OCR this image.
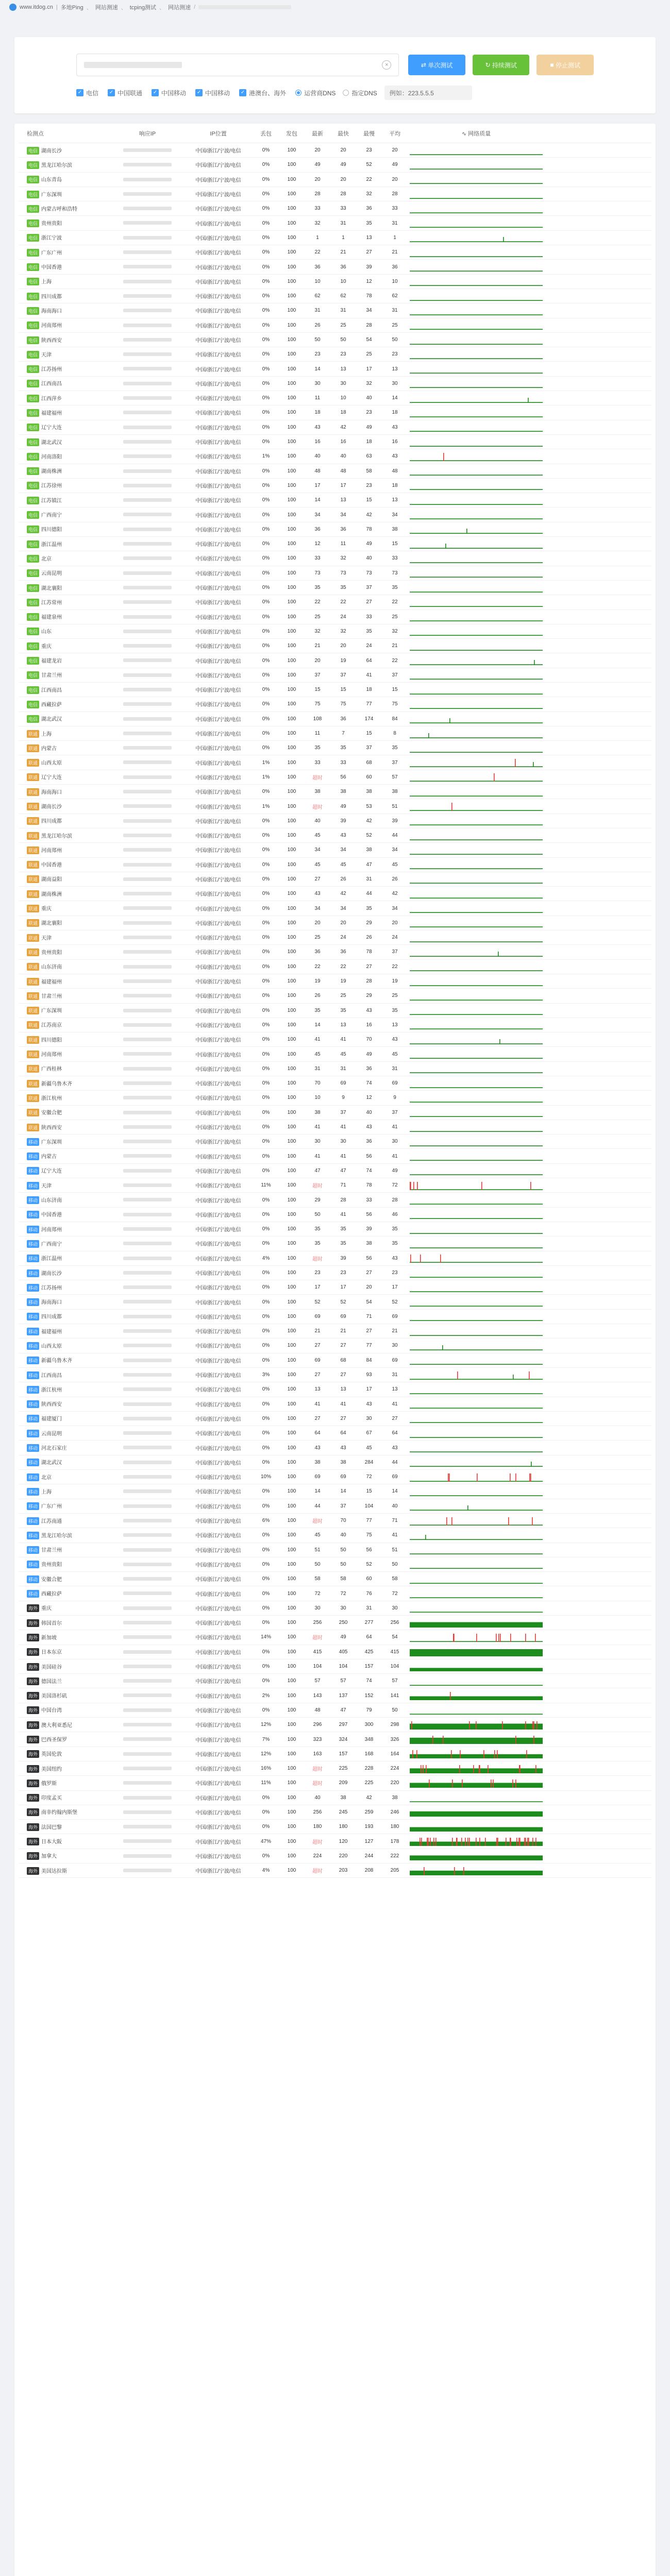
www.itdog.cn | 多地Ping 、 网站测速 、 tcping测试 、 网站测速 /
×	⇄ 单次测试	↻ 持续测试	■ 停止测试
✓ 电信 ✓ 中国联通 ✓ 中国移动 ✓ 中国移动 ✓ 港澳台、海外	运营商DNS	指定DNS 例如：223.5.5.5
检测点	响应IP	IP位置	丢包	发包	最新	最快	最慢	平均	∿ 网络质量
电信 湖南长沙	中国/浙江/宁波/电信	0%	100	20	20	23	20
电信 黑龙江哈尔滨	中国/浙江/宁波/电信	0%	100	49	49	52	49
电信 山东青岛	中国/浙江/宁波/电信	0%	100	20	20	22	20
电信 广东深圳	中国/浙江/宁波/电信	0%	100	28	28	32	28
电信 内蒙古呼和浩特	中国/浙江/宁波/电信	0%	100	33	33	36	33
电信 贵州贵阳	中国/浙江/宁波/电信	0%	100	32	31	35	31
电信 浙江宁波	中国/浙江/宁波/电信	0%	100	1	1	13	1
电信 广东广州	中国/浙江/宁波/电信	0%	100	22	21	27	21
电信 中国香港	中国/浙江/宁波/电信	0%	100	36	36	39	36
电信 上海	中国/浙江/宁波/电信	0%	100	10	10	12	10
电信 四川成都	中国/浙江/宁波/电信	0%	100	62	62	78	62
电信 海南海口	中国/浙江/宁波/电信	0%	100	31	31	34	31
电信 河南郑州	中国/浙江/宁波/电信	0%	100	26	25	28	25
电信 陕西西安	中国/浙江/宁波/电信	0%	100	50	50	54	50
电信 天津	中国/浙江/宁波/电信	0%	100	23	23	25	23
电信 江苏扬州	中国/浙江/宁波/电信	0%	100	14	13	17	13
电信 江西南昌	中国/浙江/宁波/电信	0%	100	30	30	32	30
电信 江西萍乡	中国/浙江/宁波/电信	0%	100	11	10	40	14
电信 福建福州	中国/浙江/宁波/电信	0%	100	18	18	23	18
电信 辽宁大连	中国/浙江/宁波/电信	0%	100	43	42	49	43
电信 湖北武汉	中国/浙江/宁波/电信	0%	100	16	16	18	16
电信 河南洛阳	中国/浙江/宁波/电信	1%	100	40	40	63	43
电信 湖南株洲	中国/浙江/宁波/电信	0%	100	48	48	58	48
电信 江苏徐州	中国/浙江/宁波/电信	0%	100	17	17	23	18
电信 江苏镇江	中国/浙江/宁波/电信	0%	100	14	13	15	13
电信 广西南宁	中国/浙江/宁波/电信	0%	100	34	34	42	34
电信 四川德阳	中国/浙江/宁波/电信	0%	100	36	36	78	38
电信 浙江温州	中国/浙江/宁波/电信	0%	100	12	11	49	15
电信 北京	中国/浙江/宁波/电信	0%	100	33	32	40	33
电信 云南昆明	中国/浙江/宁波/电信	0%	100	73	73	73	73
电信 湖北襄阳	中国/浙江/宁波/电信	0%	100	35	35	37	35
电信 江苏常州	中国/浙江/宁波/电信	0%	100	22	22	27	22
电信 福建泉州	中国/浙江/宁波/电信	0%	100	25	24	33	25
电信 山东	中国/浙江/宁波/电信	0%	100	32	32	35	32
电信 重庆	中国/浙江/宁波/电信	0%	100	21	20	24	21
电信 福建龙岩	中国/浙江/宁波/电信	0%	100	20	19	64	22
电信 甘肃兰州	中国/浙江/宁波/电信	0%	100	37	37	41	37
电信 江西南昌	中国/浙江/宁波/电信	0%	100	15	15	18	15
电信 西藏拉萨	中国/浙江/宁波/电信	0%	100	75	75	77	75
电信 湖北武汉	中国/浙江/宁波/电信	0%	100	108	36	174	84
联通 上海	中国/浙江/宁波/电信	0%	100	11	7	15	8
联通 内蒙古	中国/浙江/宁波/电信	0%	100	35	35	37	35
联通 山西太原	中国/浙江/宁波/电信	1%	100	33	33	68	37
联通 辽宁大连	中国/浙江/宁波/电信	1%	100	超时	56	60	57
联通 海南海口	中国/浙江/宁波/电信	0%	100	38	38	38	38
联通 湖南长沙	中国/浙江/宁波/电信	1%	100	超时	49	53	51
联通 四川成都	中国/浙江/宁波/电信	0%	100	40	39	42	39
联通 黑龙江哈尔滨	中国/浙江/宁波/电信	0%	100	45	43	52	44
联通 河南郑州	中国/浙江/宁波/电信	0%	100	34	34	38	34
联通 中国香港	中国/浙江/宁波/电信	0%	100	45	45	47	45
联通 湖南益阳	中国/浙江/宁波/电信	0%	100	27	26	31	26
联通 湖南株洲	中国/浙江/宁波/电信	0%	100	43	42	44	42
联通 重庆	中国/浙江/宁波/电信	0%	100	34	34	35	34
联通 湖北襄阳	中国/浙江/宁波/电信	0%	100	20	20	29	20
联通 天津	中国/浙江/宁波/电信	0%	100	25	24	26	24
联通 贵州贵阳	中国/浙江/宁波/电信	0%	100	36	36	78	37
联通 山东济南	中国/浙江/宁波/电信	0%	100	22	22	27	22
联通 福建福州	中国/浙江/宁波/电信	0%	100	19	19	28	19
联通 甘肃兰州	中国/浙江/宁波/电信	0%	100	26	25	29	25
联通 广东深圳	中国/浙江/宁波/电信	0%	100	35	35	43	35
联通 江苏南京	中国/浙江/宁波/电信	0%	100	14	13	16	13
联通 四川德阳	中国/浙江/宁波/电信	0%	100	41	41	70	43
联通 河南郑州	中国/浙江/宁波/电信	0%	100	45	45	49	45
联通 广西桂林	中国/浙江/宁波/电信	0%	100	31	31	36	31
联通 新疆乌鲁木齐	中国/浙江/宁波/电信	0%	100	70	69	74	69
联通 浙江杭州	中国/浙江/宁波/电信	0%	100	10	9	12	9
联通 安徽合肥	中国/浙江/宁波/电信	0%	100	38	37	40	37
联通 陕西西安	中国/浙江/宁波/电信	0%	100	41	41	43	41
移动 广东深圳	中国/浙江/宁波/电信	0%	100	30	30	36	30
移动 内蒙古	中国/浙江/宁波/电信	0%	100	41	41	56	41
移动 辽宁大连	中国/浙江/宁波/电信	0%	100	47	47	74	49
移动 天津	中国/浙江/宁波/电信	11%	100	超时	71	78	72
移动 山东济南	中国/浙江/宁波/电信	0%	100	29	28	33	28
移动 中国香港	中国/浙江/宁波/电信	0%	100	50	41	56	46
移动 河南郑州	中国/浙江/宁波/电信	0%	100	35	35	39	35
移动 广西南宁	中国/浙江/宁波/电信	0%	100	35	35	38	35
移动 浙江温州	中国/浙江/宁波/电信	4%	100	超时	39	56	43
移动 湖南长沙	中国/浙江/宁波/电信	0%	100	23	23	27	23
移动 江苏扬州	中国/浙江/宁波/电信	0%	100	17	17	20	17
移动 海南海口	中国/浙江/宁波/电信	0%	100	52	52	54	52
移动 四川成都	中国/浙江/宁波/电信	0%	100	69	69	71	69
移动 福建福州	中国/浙江/宁波/电信	0%	100	21	21	27	21
移动 山西太原	中国/浙江/宁波/电信	0%	100	27	27	77	30
移动 新疆乌鲁木齐	中国/浙江/宁波/电信	0%	100	69	68	84	69
移动 江西南昌	中国/浙江/宁波/电信	3%	100	27	27	93	31
移动 浙江杭州	中国/浙江/宁波/电信	0%	100	13	13	17	13
移动 陕西西安	中国/浙江/宁波/电信	0%	100	41	41	43	41
移动 福建厦门	中国/浙江/宁波/电信	0%	100	27	27	30	27
移动 云南昆明	中国/浙江/宁波/电信	0%	100	64	64	67	64
移动 河北石家庄	中国/浙江/宁波/电信	0%	100	43	43	45	43
移动 湖北武汉	中国/浙江/宁波/电信	0%	100	38	38	284	44
移动 北京	中国/浙江/宁波/电信	10%	100	69	69	72	69
移动 上海	中国/浙江/宁波/电信	0%	100	14	14	15	14
移动 广东广州	中国/浙江/宁波/电信	0%	100	44	37	104	40
移动 江苏南通	中国/浙江/宁波/电信	6%	100	超时	70	77	71
移动 黑龙江哈尔滨	中国/浙江/宁波/电信	0%	100	45	40	75	41
移动 甘肃兰州	中国/浙江/宁波/电信	0%	100	51	50	56	51
移动 贵州贵阳	中国/浙江/宁波/电信	0%	100	50	50	52	50
移动 安徽合肥	中国/浙江/宁波/电信	0%	100	58	58	60	58
移动 西藏拉萨	中国/浙江/宁波/电信	0%	100	72	72	76	72
海外 重庆	中国/浙江/宁波/电信	0%	100	30	30	31	30
海外 韩国首尔	中国/浙江/宁波/电信	0%	100	256	250	277	256
海外 新加坡	中国/浙江/宁波/电信	14%	100	超时	49	64	54
海外 日本东京	中国/浙江/宁波/电信	0%	100	415	405	425	415
海外 美国硅谷	中国/浙江/宁波/电信	0%	100	104	104	157	104
海外 德国法兰	中国/浙江/宁波/电信	0%	100	57	57	74	57
海外 美国洛杉矶	中国/浙江/宁波/电信	2%	100	143	137	152	141
海外 中国台湾	中国/浙江/宁波/电信	0%	100	48	47	79	50
海外 澳大利亚悉尼	中国/浙江/宁波/电信	12%	100	296	297	300	298
海外 巴西圣保罗	中国/浙江/宁波/电信	7%	100	323	324	348	326
海外 英国伦敦	中国/浙江/宁波/电信	12%	100	163	157	168	164
海外 美国纽约	中国/浙江/宁波/电信	16%	100	超时	225	228	224
海外 俄罗斯	中国/浙江/宁波/电信	11%	100	超时	209	225	220
海外 印度孟买	中国/浙江/宁波/电信	0%	100	40	38	42	38
海外 南非约翰内斯堡	中国/浙江/宁波/电信	0%	100	256	245	259	246
海外 法国巴黎	中国/浙江/宁波/电信	0%	100	180	180	193	180
海外 日本大阪	中国/浙江/宁波/电信	47%	100	超时	120	127	178
海外 加拿大	中国/浙江/宁波/电信	0%	100	224	220	244	222
海外 美国达拉斯	中国/浙江/宁波/电信	4%	100	超时	203	208	205
